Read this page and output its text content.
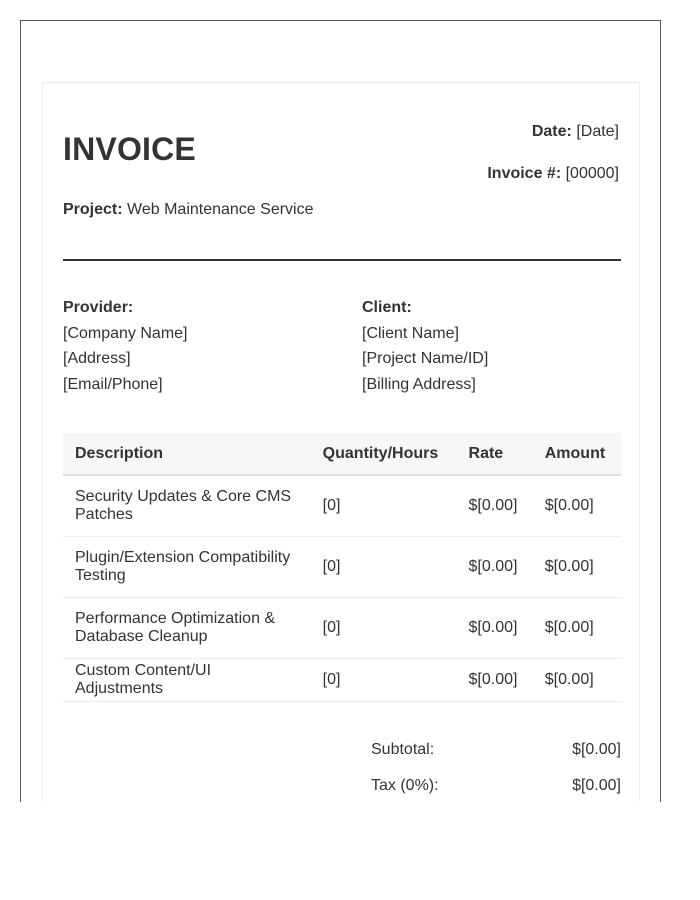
INVOICE	Date: [Date]
Invoice #: [00000]
Project: Web Maintenance Service
Provider:
[Company Name]
[Address]
[Email/Phone]
Client:
[Client Name]
[Project Name/ID]
[Billing Address]
Description	Quantity/Hours	Rate	Amount
Security Updates & Core CMS Patches	[0]	$[0.00]	$[0.00]
Plugin/Extension Compatibility Testing	[0]	$[0.00]	$[0.00]
Performance Optimization & Database Cleanup	[0]	$[0.00]	$[0.00]
Custom Content/UI Adjustments	[0]	$[0.00]	$[0.00]
Subtotal:	$[0.00]
Tax (0%):	$[0.00]
